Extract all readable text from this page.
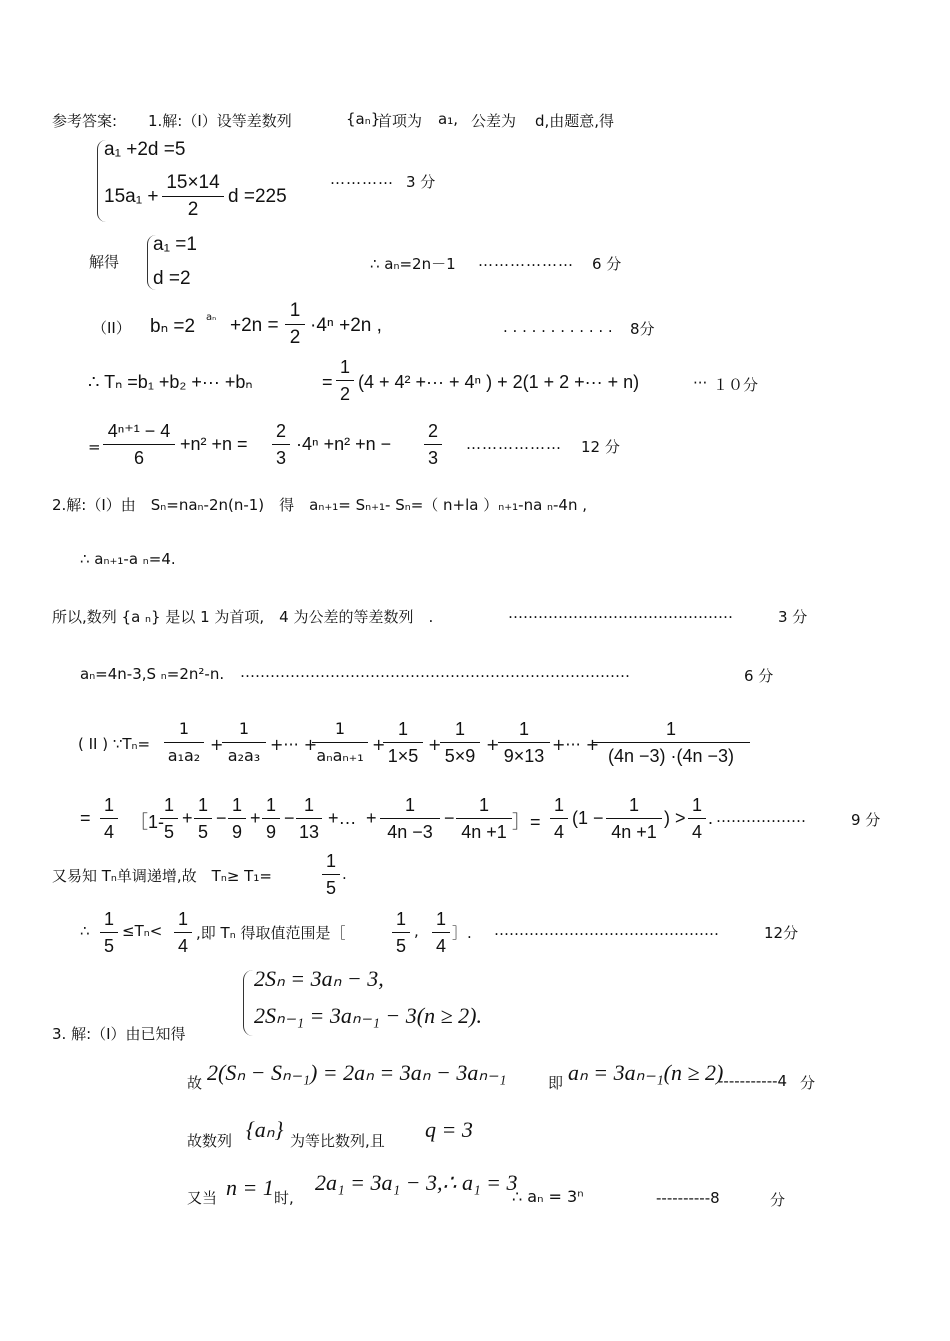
参考答案: 1.解:（Ⅰ）设等差数列	{aₙ}
首项为 a₁, 公差为 d,由题意,得
a₁ +2d =5
15a₁ +
15×14
2
d =225
………… 3 分
解得
a₁ =1
d =2
∴ aₙ=2n－1 ……………… 6 分
（II） bₙ =2 aₙ +2n =
1
2
·4ⁿ +2n ,	. . . . . . . . . . . . 8分
∴ Tₙ =b₁ +b₂ +··· +bₙ	=
1
2
(4 + 4² +··· + 4ⁿ ) + 2(1 + 2 +··· + n)	··· １０分
=
4ⁿ⁺¹ − 4
6
+n² +n =
2
3
·4ⁿ +n² +n −
2
3
……………… 12 分
2.解:（Ⅰ）由　Sₙ=naₙ-2n(n-1)　得　aₙ₊₁= Sₙ₊₁- Sₙ=（ n+la ）ₙ₊₁-na ₙ-4n ,
∴ aₙ₊₁-a ₙ=4.
所以,数列 {a ₙ} 是以 1 为首项,　4 为公差的等差数列　.	………………………………………	3 分
aₙ=4n-3,S ₙ=2n²-n. ……………………………………………………………………	6 分
( II ) ∵Tₙ=
1
a₁a₂
+
1
a₂a₃
+··· +
1
aₙaₙ₊₁
+
1
1×5
+
1
5×9
+
1
9×13
+··· +
1
(4n −3) ·(4n −3)
=
1
4 ［1-
1
5
+
1
5
−
1
9
+
1
9
−
1
13
+… +
1
4n −3
−
1
4n +1 ］=
1
4
(1 −
1
4n +1
) >
1
4
. ………………	9 分
又易知 Tₙ单调递增,故　Tₙ≥ T₁=
1
5
.
∴
1
5
≤Tₙ<
1
4
,即 Tₙ 得取值范围是［
1
5
,
1
4
］. ………………………………………	12分
3. 解:（I）由已知得
2Sₙ = 3aₙ − 3,
2Sₙ₋₁ = 3aₙ₋₁ − 3(n ≥ 2).
故 2(Sₙ − Sₙ₋₁) = 2aₙ = 3aₙ − 3aₙ₋₁	即 aₙ = 3aₙ₋₁(n ≥ 2)
-----------4 分
故数列 {aₙ} 为等比数列,且 q = 3
又当 n = 1 时,
2a₁ = 3a₁ − 3,∴ a₁ = 3
∴ aₙ = 3ⁿ	----------8	分
